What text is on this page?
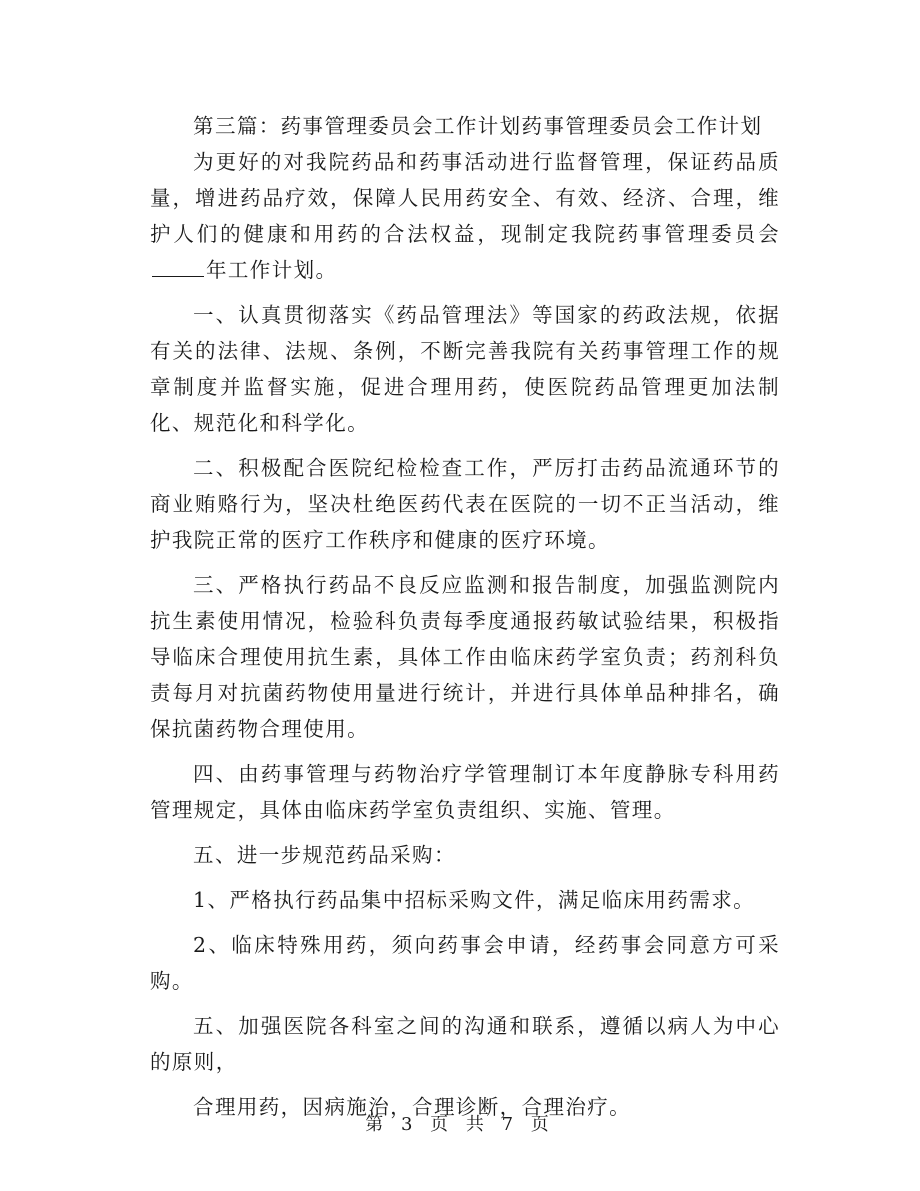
第三篇：药事管理委员会工作计划药事管理委员会工作计划

为更好的对我院药品和药事活动进行监督管理，保证药品质量，增进药品疗效，保障人民用药安全、有效、经济、合理，维护人们的健康和用药的合法权益，现制定我院药事管理委员会年工作计划。

一、认真贯彻落实《药品管理法》等国家的药政法规，依据有关的法律、法规、条例，不断完善我院有关药事管理工作的规章制度并监督实施，促进合理用药，使医院药品管理更加法制化、规范化和科学化。

二、积极配合医院纪检检查工作，严厉打击药品流通环节的商业贿赂行为，坚决杜绝医药代表在医院的一切不正当活动，维护我院正常的医疗工作秩序和健康的医疗环境。

三、严格执行药品不良反应监测和报告制度，加强监测院内抗生素使用情况，检验科负责每季度通报药敏试验结果，积极指导临床合理使用抗生素，具体工作由临床药学室负责；药剂科负责每月对抗菌药物使用量进行统计，并进行具体单品种排名，确保抗菌药物合理使用。

四、由药事管理与药物治疗学管理制订本年度静脉专科用药管理规定，具体由临床药学室负责组织、实施、管理。

五、进一步规范药品采购：

1、严格执行药品集中招标采购文件，满足临床用药需求。

2、临床特殊用药，须向药事会申请，经药事会同意方可采购。

五、加强医院各科室之间的沟通和联系，遵循以病人为中心的原则，

合理用药，因病施治，合理诊断，合理治疗。

第 3 页 共 7 页
